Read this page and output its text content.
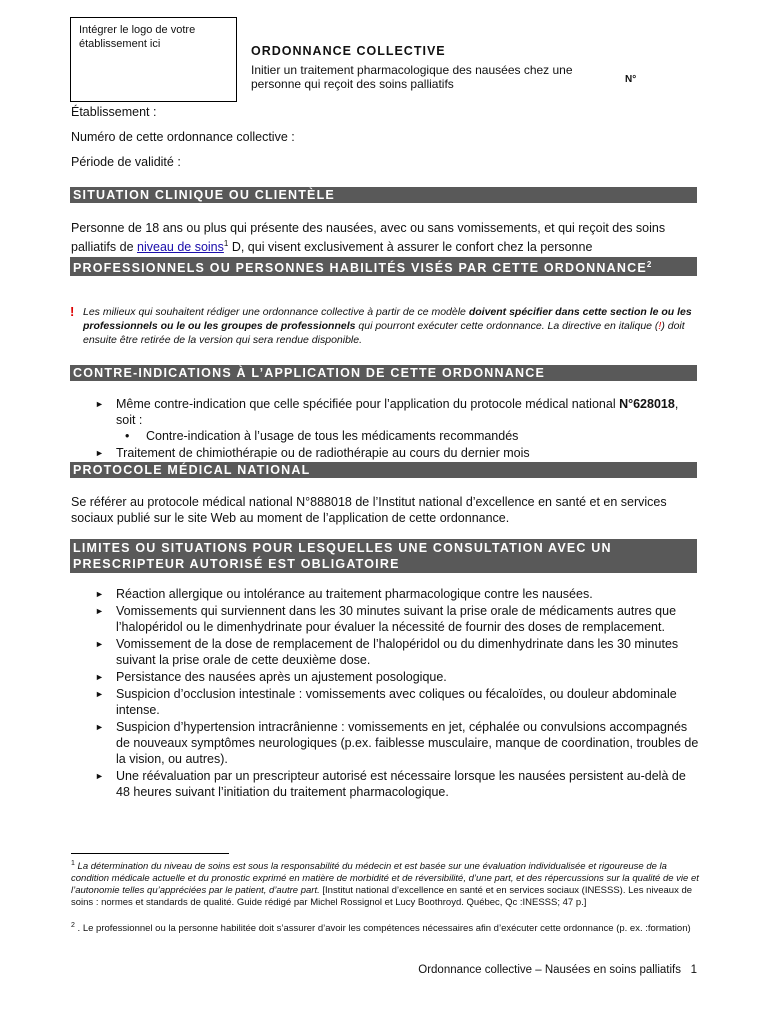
Intégrer le logo de votre établissement ici	ORDONNANCE COLLECTIVE
Initier un traitement pharmacologique des nausées chez une personne qui reçoit des soins palliatifs	N°
Établissement :
Numéro de cette ordonnance collective :
Période de validité :
SITUATION CLINIQUE OU CLIENTÈLE
Personne de 18 ans ou plus qui présente des nausées, avec ou sans vomissements, et qui reçoit des soins palliatifs de niveau de soins$^1$ D, qui visent exclusivement à assurer le confort chez la personne
PROFESSIONNELS OU PERSONNES HABILITÉS VISÉS PAR CETTE ORDONNANCE$^2$
! Les milieux qui souhaitent rédiger une ordonnance collective à partir de ce modèle doivent spécifier dans cette section le ou les professionnels ou le ou les groupes de professionnels qui pourront exécuter cette ordonnance. La directive en italique (!) doit ensuite être retirée de la version qui sera rendue disponible.
CONTRE-INDICATIONS À L’APPLICATION DE CETTE ORDONNANCE
► Même contre-indication que celle spécifiée pour l’application du protocole médical national N°628018, soit :
• Contre-indication à l’usage de tous les médicaments recommandés
► Traitement de chimiothérapie ou de radiothérapie au cours du dernier mois
PROTOCOLE MÉDICAL NATIONAL
Se référer au protocole médical national N°888018 de l’Institut national d’excellence en santé et en services sociaux publié sur le site Web au moment de l’application de cette ordonnance.
LIMITES OU SITUATIONS POUR LESQUELLES UNE CONSULTATION AVEC UN
PRESCRIPTEUR AUTORISÉ EST OBLIGATOIRE
► Réaction allergique ou intolérance au traitement pharmacologique contre les nausées.
► Vomissements qui surviennent dans les 30 minutes suivant la prise orale de médicaments autres que l’halopéridol ou le dimenhydrinate pour évaluer la nécessité de fournir des doses de remplacement.
► Vomissement de la dose de remplacement de l’halopéridol ou du dimenhydrinate dans les 30 minutes suivant la prise orale de cette deuxième dose.
► Persistance des nausées après un ajustement posologique.
► Suspicion d’occlusion intestinale : vomissements avec coliques ou fécaloïdes, ou douleur abdominale intense.
► Suspicion d’hypertension intracrânienne : vomissements en jet, céphalée ou convulsions accompagnés de nouveaux symptômes neurologiques (p.ex. faiblesse musculaire, manque de coordination, troubles de la vision, ou autres).
► Une réévaluation par un prescripteur autorisé est nécessaire lorsque les nausées persistent au-delà de 48 heures suivant l’initiation du traitement pharmacologique.
$^1$ La détermination du niveau de soins est sous la responsabilité du médecin et est basée sur une évaluation individualisée et rigoureuse de la condition médicale actuelle et du pronostic exprimé en matière de morbidité et de réversibilité, d’une part, et des répercussions sur la qualité de vie et l’autonomie telles qu’appréciées par le patient, d’autre part. [Institut national d’excellence en santé et en services sociaux (INESSS). Les niveaux de soins : normes et standards de qualité. Guide rédigé par Michel Rossignol et Lucy Boothroyd. Québec, Qc :INESSS; 47 p.]
$^2$ . Le professionnel ou la personne habilitée doit s’assurer d’avoir les compétences nécessaires afin d’exécuter cette ordonnance (p. ex. :formation)
Ordonnance collective – Nausées en soins palliatifs 1
